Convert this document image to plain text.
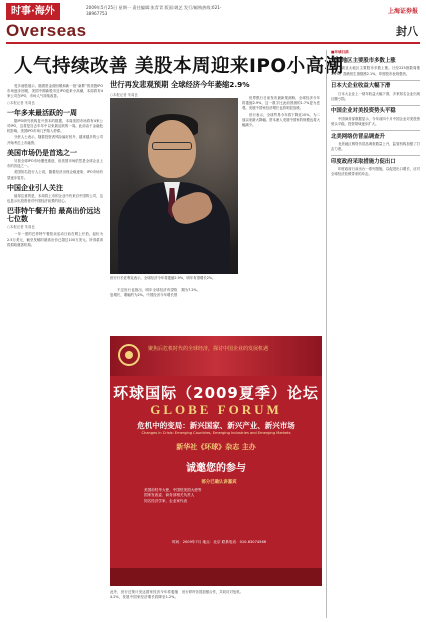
时事·海外
Overseas
2009年5月25日 星期一 责任编辑:张青青 版面:姚艺 发行/邮购热线:021-38967753	上海证券报
封八
人气持续改善 美股本周迎来IPO小高潮
受多油股展示、随着资金面回暖和新一批“新胖”的美股IPO市场逐步回暖，美国中期新股市近IPO迎来小高潮，本周将有4家公司在IPO，市场人气持续改善。
○本报记者 朱周良
一年多来最活跃的一周
据IPO研究机构复兴资本的数据，本周美国市场将有4家公司IPO，这将是自去年年中以来最活跃的一周。此前由于金融危机影响，美国IPO市场几乎陷入停滞。
分析人士表示，随着投资者风险偏好回升，越来越多的公司开始考虑上市融资。
美国市场仍是首选之一
尽管全球IPO市场遭受重创，但美国市场依然是全球企业上市的首选之一。
美国知名投行人士说，随着经济出现企稳迹象，IPO市场有望逐步复苏。
中国企业引人关注
值得注意的是，本周将上市的企业中有来自中国的公司，这也显示出投资者对中国经济前景的信心。
巴菲特午餐开拍 最高出价远达七位数
○本报记者 朱周良
一年一度的巴菲特午餐拍卖活动日前在网上开拍，起价为2.5万美元，截至发稿时最高出价已超过100万美元。所得款项将捐给慈善机构。
世行再发悲观预期 全球经济今年萎缩2.9%
○本报记者 朱周良
世界银行日前发布最新预测称，全球经济今年将萎缩2.9%，这一数字比此前预测的1.7%更为悲观。发展中国家经济增长也将明显放缓。
世行表示，全球贸易今年将下降近10%，为二战以来最大降幅。资本流入发展中国家的规模也将大幅减少。
世行行长佐利克表示，全球经济今年将萎缩2.9%，明年有望增长2%。
不过世行也指出，明年全球经济有望恢复增长，增幅约为2%。中国经济今年增长预期为7.2%。
聚焦后危机时代的全球经济，探讨中国企业的发展机遇
环球国际（2009夏季）论坛
GLOBE FORUM
危机中的变局：新兴国家、新兴产业、新兴市场
Changes in Crisis: Emerging Countries, Emerging Industries and Emerging Markets
新华社《环球》杂志 主办
诚邀您的参与
部分已确认讲嘉宾
美国前驻华大使、中国驻美国大使等
国家发改委、商务部相关负责人
知名经济学家、企业家代表
时间：2009年7月 地点：北京 联系电话：010-63074566
此外，世行还预计发达国家经济今年将萎缩4.2%，发展中国家经济增长将降至1.2%。世行呼吁各国加强合作，共同应对危机。
■环球扫描
亚太地区主要股市多数上涨
上周亚太地区主要股市多数上涨。日经225指数周涨1.5%，香港恒生指数涨2.1%，印度股市表现强劲。
日本大企业收益大幅下滑
日本大企业上一财年收益大幅下滑，多家知名企业出现巨额亏损。
中国企业对美投资势头平稳
中国商务部数据显示，今年前四个月中国企业对美投资势头平稳，投资领域逐步扩大。
北美网络仿冒品调查升
北美地区网络仿冒品调查数量上升，监管机构加强了打击力度。
印度政府采取措施力促出口
印度政府日前出台一系列措施，以促进出口增长，应对全球经济放缓带来的冲击。
